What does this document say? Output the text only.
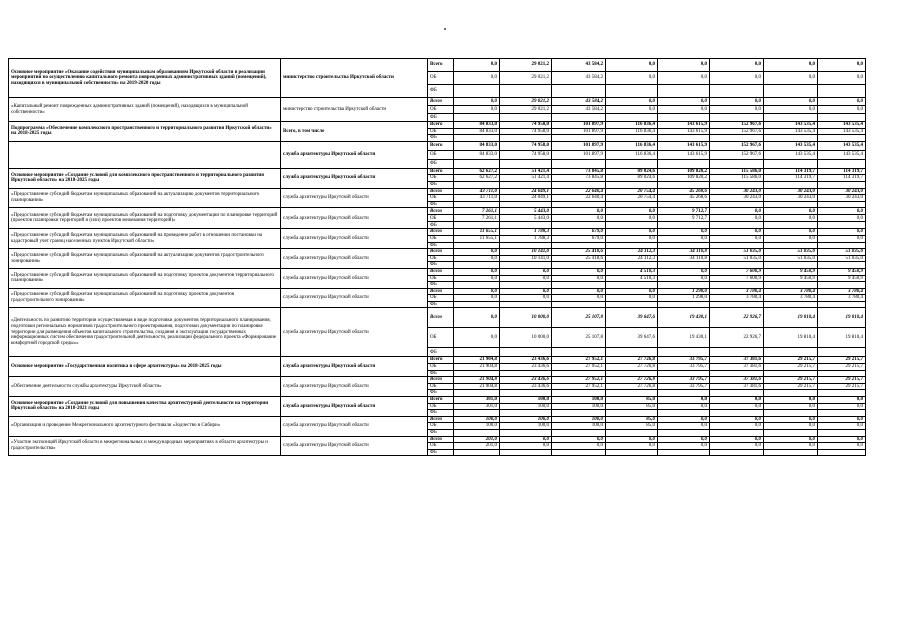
Основное мероприятие «Оказание содействия муниципальным образованиям Иркутской области в реализации мероприятий по осуществлению капитального ремонта поврежденных административных зданий (помещений), находящихся в муниципальной собственности» на 2019-2020 годы	министерство строительства Иркутской области	Всего	0,0	29 021,2	43 584,2	0,0	0,0	0,0	0,0	0,0
		ОБ	0,0	29 021,2	43 584,2	0,0	0,0	0,0	0,0	0,0
		ФБ								
«Капитальный ремонт поврежденных административных зданий (помещений), находящихся в муниципальной собственности»	министерство строительства Иркутской области	Всего	0,0	29 021,2	43 584,2	0,0	0,0	0,0	0,0	0,0
		ОБ	0,0	29 021,2	43 584,2	0,0	0,0	0,0	0,0	0,0
		ФБ								
Подпрограмма «Обеспечение комплексного пространственного и территориального развития Иркутской области» на 2018-2025 годы	Всего, в том числе	Всего	84 833,0	74 958,0	101 897,9	116 836,4	143 615,9	152 967,6	143 535,4	143 535,4
		ОБ	84 833,0	74 958,0	101 897,9	116 836,4	143 615,9	152 967,6	143 535,4	143 535,4
		ФБ								
	служба архитектуры Иркутской области	Всего	84 833,0	74 958,0	101 897,9	116 836,4	143 615,9	152 967,6	143 535,4	143 535,4
		ОБ	84 833,0	74 958,0	101 897,9	116 836,4	143 615,9	152 967,6	143 535,4	143 535,4
		ФБ								
Основное мероприятие «Создание условий для комплексного пространственного и территориального развития Иркутской области» на 2018-2025 годы	служба архитектуры Иркутской области	Всего	62 627,2	51 421,4	73 845,8	89 024,6	109 820,2	115 586,0	114 319,7	114 319,7
		ОБ	62 627,2	51 421,4	73 845,8	89 024,6	109 820,2	115 586,0	114 319,7	114 319,7
		ФБ								
«Предоставление субсидий бюджетам муниципальных образований на актуализацию документов территориального планирования»	служба архитектуры Иркутской области	Всего	43 711,0	24 049,1	22 640,4	20 754,4	45 268,6	30 243,0	30 243,0	30 243,0
		ОБ	43 711,0	24 049,1	22 640,4	20 754,4	45 268,6	30 243,0	30 243,0	30 243,0
		ФБ								
«Предоставление субсидий бюджетам муниципальных образований на подготовку документации по планировке территорий (проектов планировки территорий и (или) проектов межевания территорий)»	служба архитектуры Иркутской области	Всего	7 261,1	5 443,0	0,0	0,0	9 712,7	0,0	0,0	0,0
		ОБ	7 261,1	5 443,0	0,0	0,0	9 712,7	0,0	0,0	0,0
		ФБ								
«Предоставление субсидий бюджетам муниципальных образований на проведение работ в отношении постановки на кадастровый учет границ населенных пунктов Иркутской области»	служба архитектуры Иркутской области	Всего	11 655,1	1 788,3	679,0	0,0	0,0	0,0	0,0	0,0
		ОБ	11 655,1	1 788,3	679,0	0,0	0,0	0,0	0,0	0,0
		ФБ								
«Предоставление субсидий бюджетам муниципальных образований на актуализацию документов градостроительного зонирования»	служба архитектуры Иркутской области	Всего	0,0	10 141,0	25 418,6	24 112,3	34 110,8	51 035,0	51 035,0	51 035,0
		ОБ	0,0	10 141,0	25 418,6	24 112,3	34 110,8	51 035,0	51 035,0	51 035,0
		ФБ								
«Предоставление субсидий бюджетам муниципальных образований на подготовку проектов документов территориального планирования»	служба архитектуры Иркутской области	Всего	0,0	0,0	0,0	4 510,3	0,0	7 600,9	9 450,9	9 450,9
		ОБ	0,0	0,0	0,0	4 510,3	0,0	7 600,9	9 450,9	9 450,9
		ФБ								
«Предоставление субсидий бюджетам муниципальных образований на подготовку проектов документов градостроительного зонирования»	служба архитектуры Иркутской области	Всего	0,0	0,0	0,0	0,0	1 298,0	3 780,4	3 780,4	3 780,4
		ОБ	0,0	0,0	0,0	0,0	1 298,0	3 780,4	3 780,4	3 780,4
		ФБ								
«Деятельность по развитию территории осуществляемая в виде подготовки документов территориального планирования, подготовки региональных нормативов градостроительного проектирования, подготовки документации по планировке территории для размещения объектов капитального строительства, создания и эксплуатации государственных информационных систем обеспечения градостроительной деятельности, реализации федерального проекта «Формирование комфортной городской среды»»	служба архитектуры Иркутской области	Всего	0,0	10 000,0	25 107,8	39 647,6	19 430,1	22 926,7	19 810,4	19 810,4
		ОБ	0,0	10 000,0	25 107,8	39 647,6	19 430,1	22 926,7	19 810,4	19 810,4
		ФБ								
Основное мероприятие «Государственная политика в сфере архитектуры» на 2018-2025 годы	служба архитектуры Иркутской области	Всего	21 904,8	23 436,6	27 952,1	27 726,8	33 795,7	37 381,6	29 215,7	29 215,7
		ОБ	21 904,8	23 436,6	27 952,1	27 726,8	33 795,7	37 381,6	29 215,7	29 215,7
		ФБ								
«Обеспечение деятельности службы архитектуры Иркутской области»	служба архитектуры Иркутской области	Всего	21 904,8	23 436,6	27 952,1	27 726,8	33 795,7	37 381,6	29 215,7	29 215,7
		ОБ	21 904,8	23 436,6	27 952,1	27 726,8	33 795,7	37 381,6	29 215,7	29 215,7
		ФБ								
Основное мероприятие «Создание условий для повышения качества архитектурной деятельности на территории Иркутской области» на 2018-2021 годы	служба архитектуры Иркутской области	Всего	301,0	100,0	100,0	85,0	0,0	0,0	0,0	0,0
		ОБ	301,0	100,0	100,0	85,0	0,0	0,0	0,0	0,0
		ФБ								
«Организация и проведение Межрегионального архитектурного фестиваля «Зодчество в Сибири»	служба архитектуры Иркутской области	Всего	100,0	100,0	100,0	85,0	0,0	0,0	0,0	0,0
		ОБ	100,0	100,0	100,0	85,0	0,0	0,0	0,0	0,0
		ФБ								
«Участие экспозиций Иркутской области в межрегиональных и международных мероприятиях в области архитектуры и градостроительства»	служба архитектуры Иркутской области	Всего	201,0	0,0	0,0	0,0	0,0	0,0	0,0	0,0
		ОБ	201,0	0,0	0,0	0,0	0,0	0,0	0,0	0,0
		ФБ								
